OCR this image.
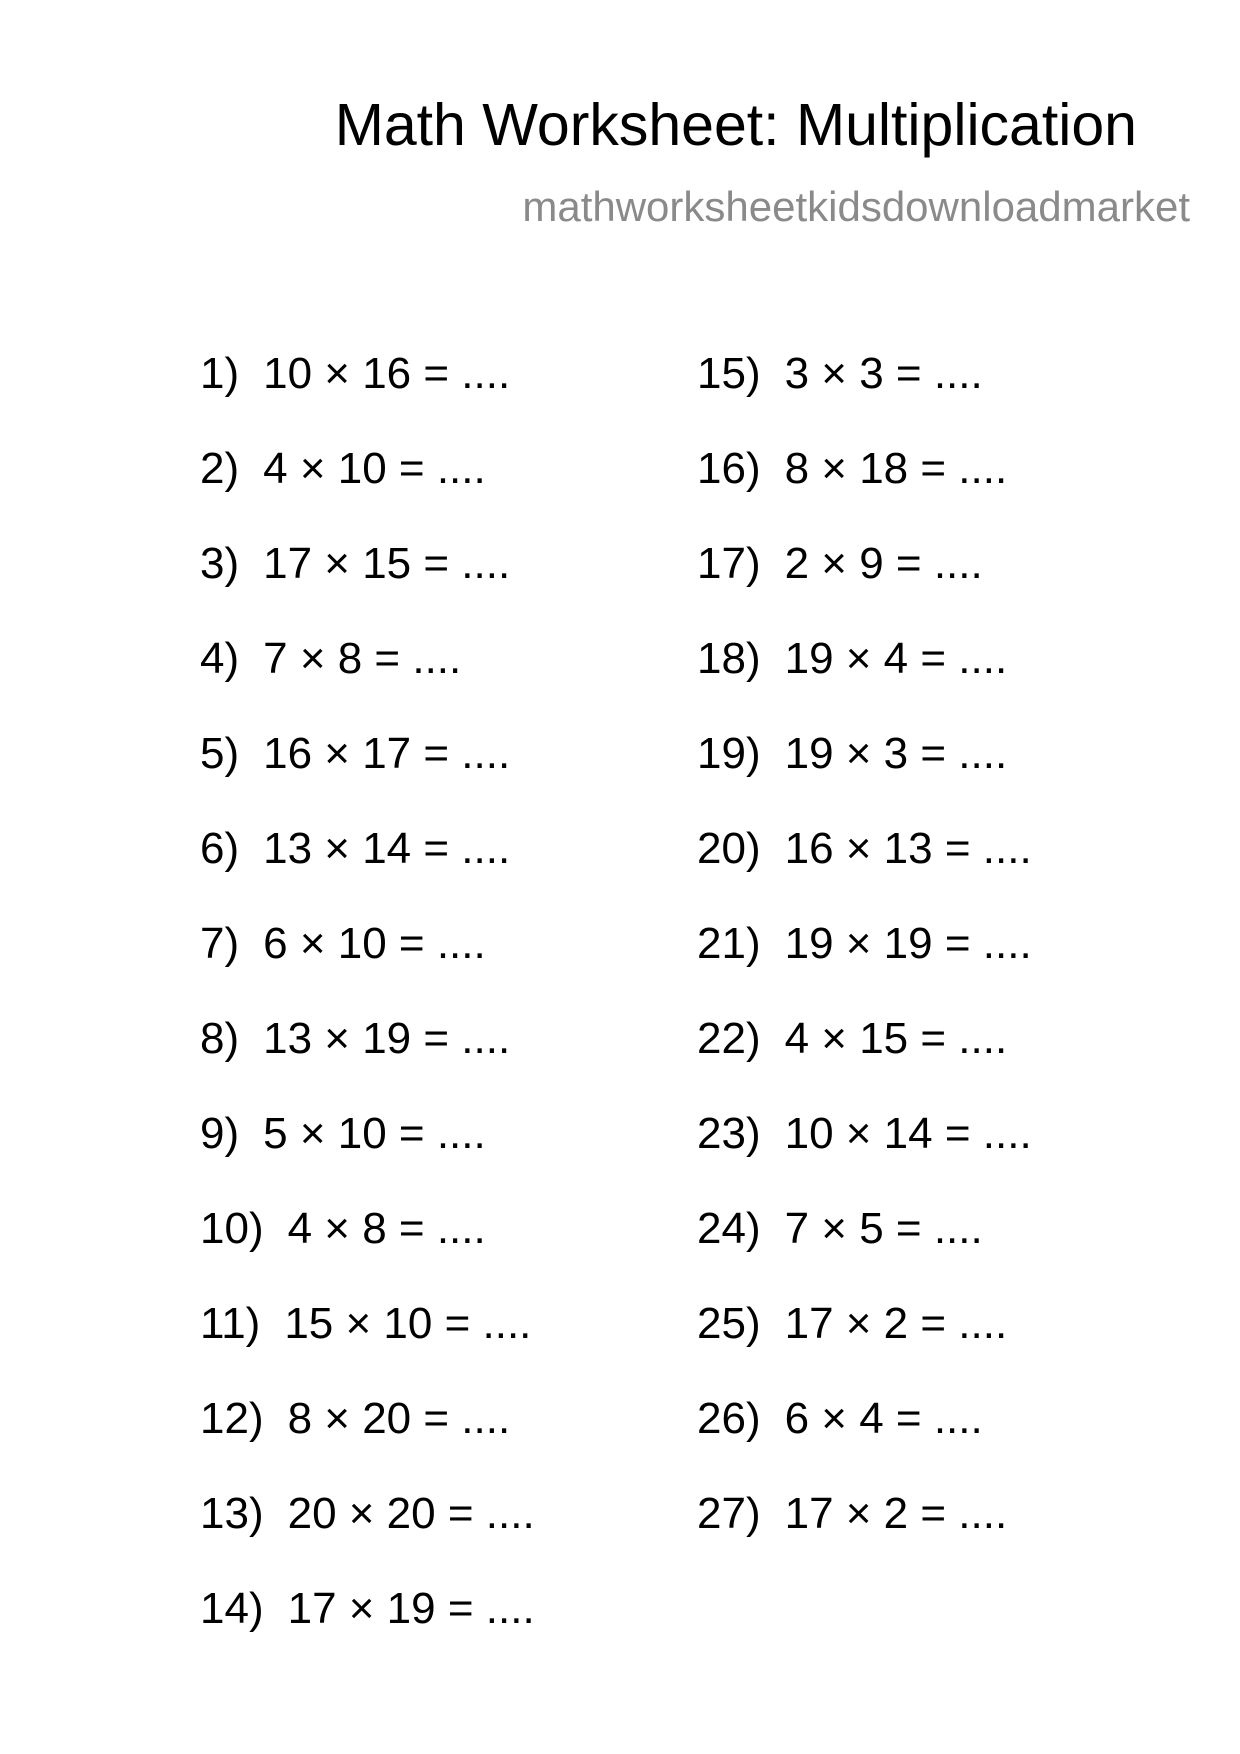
Math Worksheet: Multiplication
mathworksheetkidsdownloadmarket
1) 10 × 16 = ....
2) 4 × 10 = ....
3) 17 × 15 = ....
4) 7 × 8 = ....
5) 16 × 17 = ....
6) 13 × 14 = ....
7) 6 × 10 = ....
8) 13 × 19 = ....
9) 5 × 10 = ....
10) 4 × 8 = ....
11) 15 × 10 = ....
12) 8 × 20 = ....
13) 20 × 20 = ....
14) 17 × 19 = ....
15) 3 × 3 = ....
16) 8 × 18 = ....
17) 2 × 9 = ....
18) 19 × 4 = ....
19) 19 × 3 = ....
20) 16 × 13 = ....
21) 19 × 19 = ....
22) 4 × 15 = ....
23) 10 × 14 = ....
24) 7 × 5 = ....
25) 17 × 2 = ....
26) 6 × 4 = ....
27) 17 × 2 = ....
